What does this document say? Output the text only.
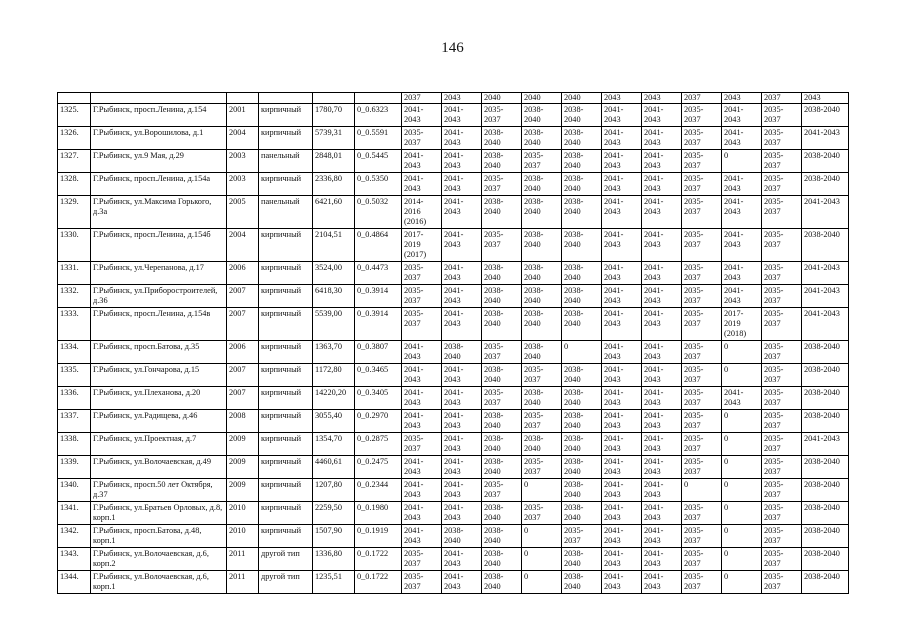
146
						2037	2043	2040	2040	2040	2043	2043	2037	2043	2037	2043
1325.	Г.Рыбинск, просп.Ленина, д.154	2001	кирпичный	1780,70	0_0.6323	2041-2043	2041-2043	2035-2037	2038-2040	2038-2040	2041-2043	2041-2043	2035-2037	2041-2043	2035-2037	2038-2040
1326.	Г.Рыбинск, ул.Ворошилова, д.1	2004	кирпичный	5739,31	0_0.5591	2035-2037	2041-2043	2038-2040	2038-2040	2038-2040	2041-2043	2041-2043	2035-2037	2041-2043	2035-2037	2041-2043
1327.	Г.Рыбинск, ул.9 Мая, д.29	2003	панельный	2848,01	0_0.5445	2041-2043	2041-2043	2038-2040	2035-2037	2038-2040	2041-2043	2041-2043	2035-2037	0	2035-2037	2038-2040
1328.	Г.Рыбинск, просп.Ленина, д.154а	2003	кирпичный	2336,80	0_0.5350	2041-2043	2041-2043	2035-2037	2038-2040	2038-2040	2041-2043	2041-2043	2035-2037	2041-2043	2035-2037	2038-2040
1329.	Г.Рыбинск, ул.Максима Горького, д.3а	2005	панельный	6421,60	0_0.5032	2014-2016 (2016)	2041-2043	2038-2040	2038-2040	2038-2040	2041-2043	2041-2043	2035-2037	2041-2043	2035-2037	2041-2043
1330.	Г.Рыбинск, просп.Ленина, д.154б	2004	кирпичный	2104,51	0_0.4864	2017-2019 (2017)	2041-2043	2035-2037	2038-2040	2038-2040	2041-2043	2041-2043	2035-2037	2041-2043	2035-2037	2038-2040
1331.	Г.Рыбинск, ул.Черепанова, д.17	2006	кирпичный	3524,00	0_0.4473	2035-2037	2041-2043	2038-2040	2038-2040	2038-2040	2041-2043	2041-2043	2035-2037	2041-2043	2035-2037	2041-2043
1332.	Г.Рыбинск, ул.Приборостроителей, д.36	2007	кирпичный	6418,30	0_0.3914	2035-2037	2041-2043	2038-2040	2038-2040	2038-2040	2041-2043	2041-2043	2035-2037	2041-2043	2035-2037	2041-2043
1333.	Г.Рыбинск, просп.Ленина, д.154в	2007	кирпичный	5539,00	0_0.3914	2035-2037	2041-2043	2038-2040	2038-2040	2038-2040	2041-2043	2041-2043	2035-2037	2017-2019 (2018)	2035-2037	2041-2043
1334.	Г.Рыбинск, просп.Батова, д.35	2006	кирпичный	1363,70	0_0.3807	2041-2043	2038-2040	2035-2037	2038-2040	0	2041-2043	2041-2043	2035-2037	0	2035-2037	2038-2040
1335.	Г.Рыбинск, ул.Гончарова, д.15	2007	кирпичный	1172,80	0_0.3465	2041-2043	2041-2043	2038-2040	2035-2037	2038-2040	2041-2043	2041-2043	2035-2037	0	2035-2037	2038-2040
1336.	Г.Рыбинск, ул.Плеханова, д.20	2007	кирпичный	14220,20	0_0.3405	2041-2043	2041-2043	2035-2037	2038-2040	2038-2040	2041-2043	2041-2043	2035-2037	2041-2043	2035-2037	2038-2040
1337.	Г.Рыбинск, ул.Радищева, д.46	2008	кирпичный	3055,40	0_0.2970	2041-2043	2041-2043	2038-2040	2035-2037	2038-2040	2041-2043	2041-2043	2035-2037	0	2035-2037	2038-2040
1338.	Г.Рыбинск, ул.Проектная, д.7	2009	кирпичный	1354,70	0_0.2875	2035-2037	2041-2043	2038-2040	2038-2040	2038-2040	2041-2043	2041-2043	2035-2037	0	2035-2037	2041-2043
1339.	Г.Рыбинск, ул.Волочаевская, д.49	2009	кирпичный	4460,61	0_0.2475	2041-2043	2041-2043	2038-2040	2035-2037	2038-2040	2041-2043	2041-2043	2035-2037	0	2035-2037	2038-2040
1340.	Г.Рыбинск, просп.50 лет Октября, д.37	2009	кирпичный	1207,80	0_0.2344	2041-2043	2041-2043	2035-2037	0	2038-2040	2041-2043	2041-2043	0	0	2035-2037	2038-2040
1341.	Г.Рыбинск, ул.Братьев Орловых, д.8, корп.1	2010	кирпичный	2259,50	0_0.1980	2041-2043	2041-2043	2038-2040	2035-2037	2038-2040	2041-2043	2041-2043	2035-2037	0	2035-2037	2038-2040
1342.	Г.Рыбинск, просп.Батова, д.48, корп.1	2010	кирпичный	1507,90	0_0.1919	2041-2043	2038-2040	2038-2040	0	2035-2037	2041-2043	2041-2043	2035-2037	0	2035-2037	2038-2040
1343.	Г.Рыбинск, ул.Волочаевская, д.6, корп.2	2011	другой тип	1336,80	0_0.1722	2035-2037	2041-2043	2038-2040	0	2038-2040	2041-2043	2041-2043	2035-2037	0	2035-2037	2038-2040
1344.	Г.Рыбинск, ул.Волочаевская, д.6, корп.1	2011	другой тип	1235,51	0_0.1722	2035-2037	2041-2043	2038-2040	0	2038-2040	2041-2043	2041-2043	2035-2037	0	2035-2037	2038-2040
